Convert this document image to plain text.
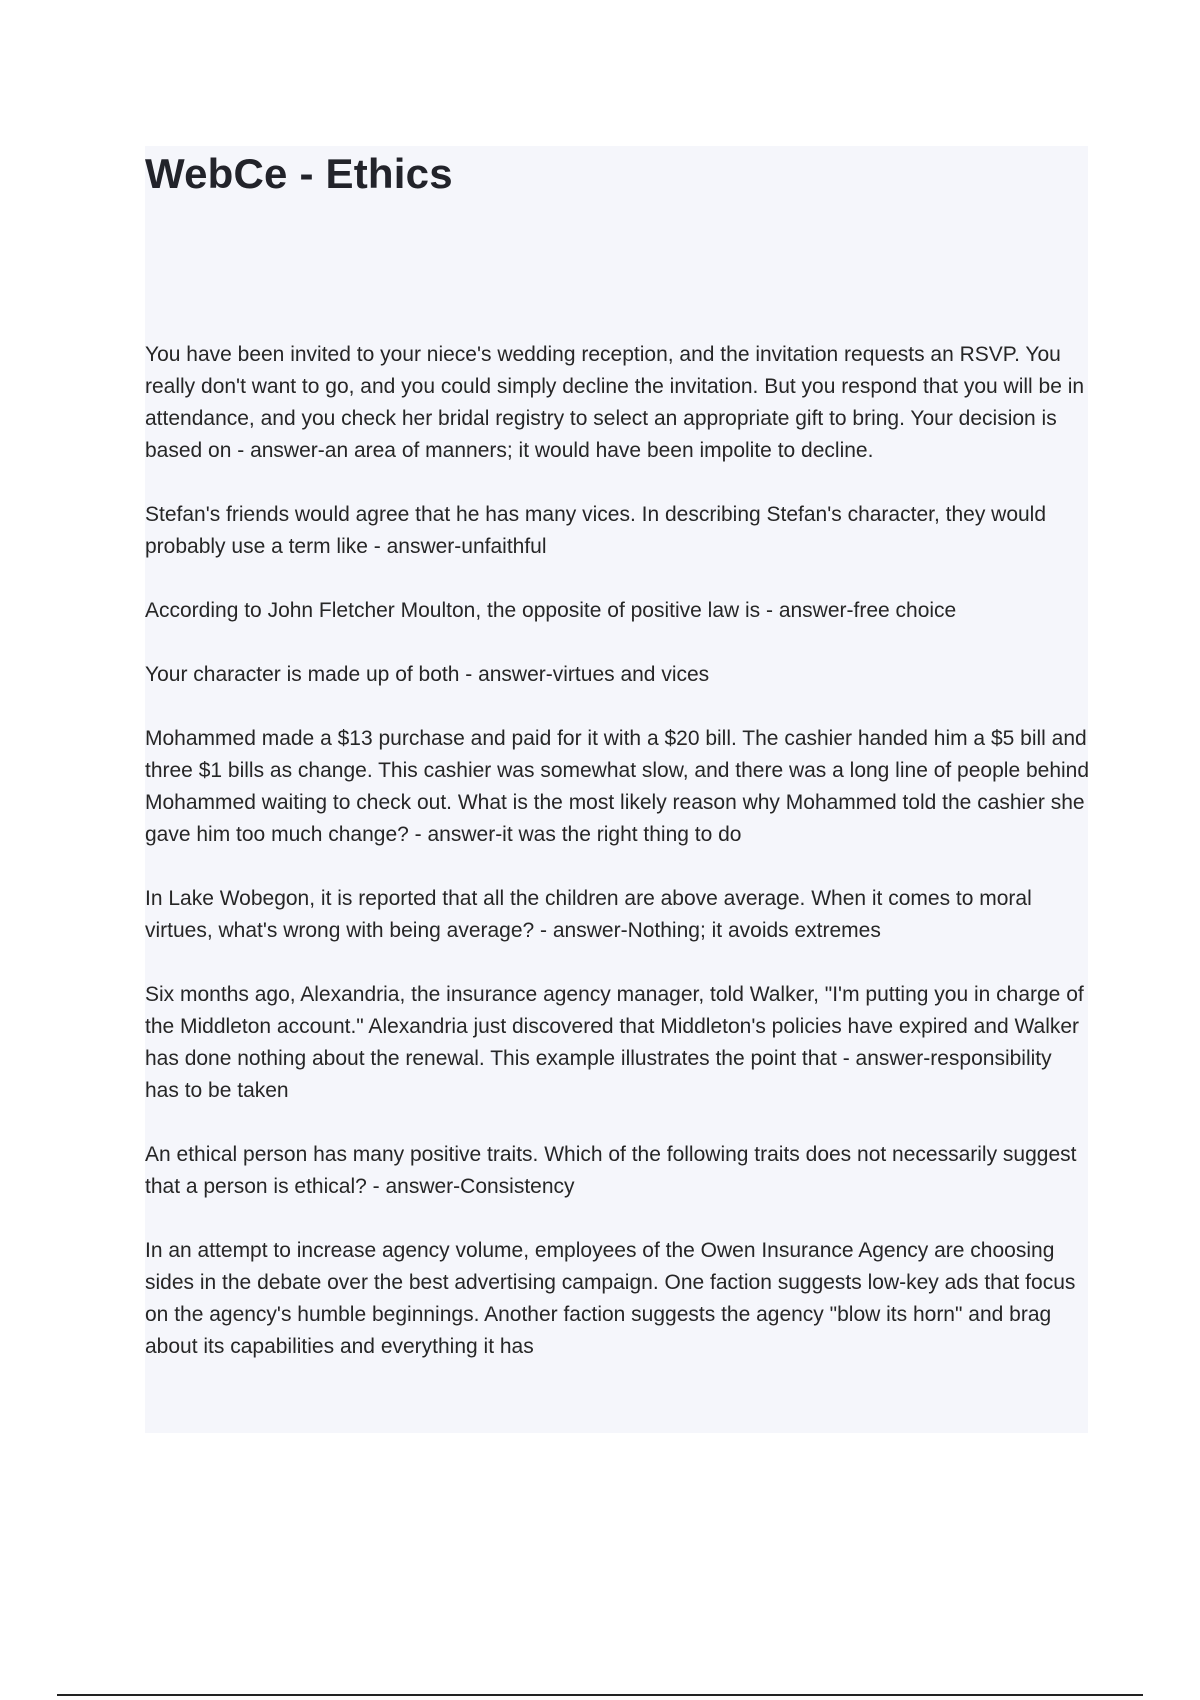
WebCe - Ethics

You have been invited to your niece's wedding reception, and the invitation requests an RSVP. You really don't want to go, and you could simply decline the invitation. But you respond that you will be in attendance, and you check her bridal registry to select an appropriate gift to bring. Your decision is based on - answer-an area of manners; it would have been impolite to decline.

Stefan's friends would agree that he has many vices. In describing Stefan's character, they would probably use a term like - answer-unfaithful

According to John Fletcher Moulton, the opposite of positive law is - answer-free choice

Your character is made up of both - answer-virtues and vices

Mohammed made a $13 purchase and paid for it with a $20 bill. The cashier handed him a $5 bill and three $1 bills as change. This cashier was somewhat slow, and there was a long line of people behind Mohammed waiting to check out. What is the most likely reason why Mohammed told the cashier she gave him too much change? - answer-it was the right thing to do

In Lake Wobegon, it is reported that all the children are above average. When it comes to moral virtues, what's wrong with being average? - answer-Nothing; it avoids extremes

Six months ago, Alexandria, the insurance agency manager, told Walker, "I'm putting you in charge of the Middleton account." Alexandria just discovered that Middleton's policies have expired and Walker has done nothing about the renewal. This example illustrates the point that - answer-responsibility has to be taken

An ethical person has many positive traits. Which of the following traits does not necessarily suggest that a person is ethical? - answer-Consistency

In an attempt to increase agency volume, employees of the Owen Insurance Agency are choosing sides in the debate over the best advertising campaign. One faction suggests low-key ads that focus on the agency's humble beginnings. Another faction suggests the agency "blow its horn" and brag about its capabilities and everything it has
